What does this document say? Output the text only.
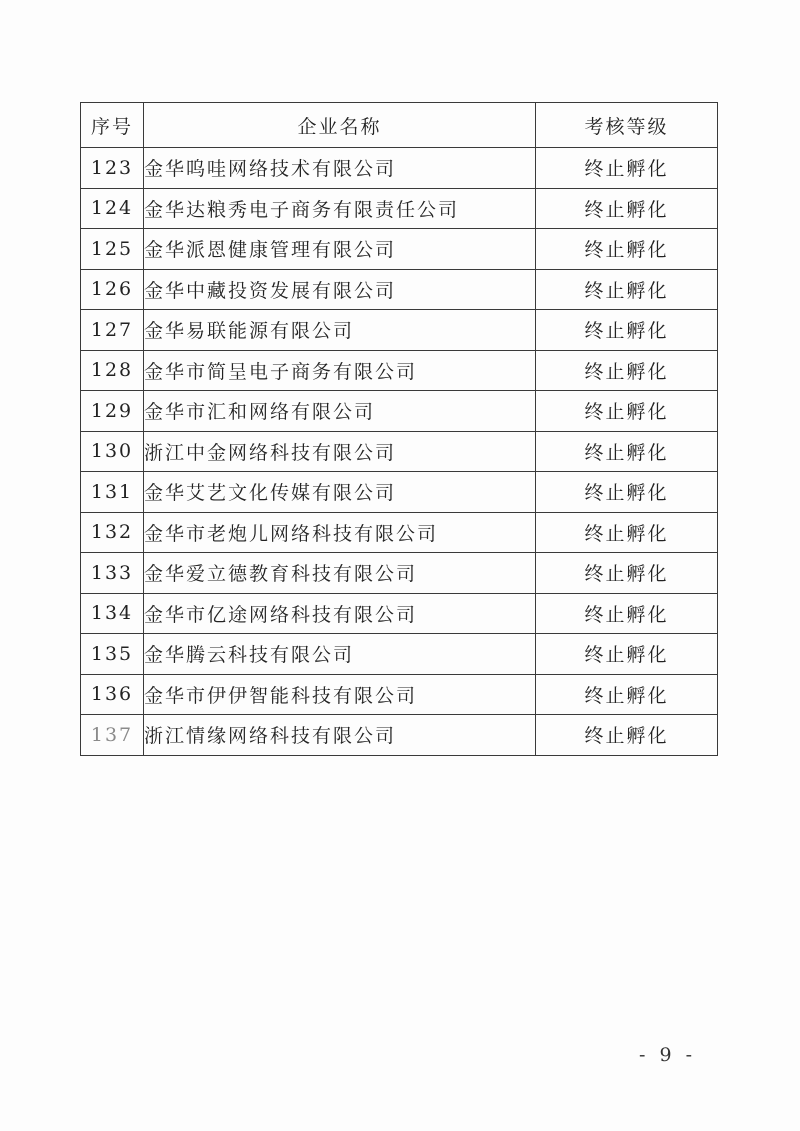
序号	企业名称	考核等级
123	金华呜哇网络技术有限公司	终止孵化
124	金华达粮秀电子商务有限责任公司	终止孵化
125	金华派恩健康管理有限公司	终止孵化
126	金华中藏投资发展有限公司	终止孵化
127	金华易联能源有限公司	终止孵化
128	金华市简呈电子商务有限公司	终止孵化
129	金华市汇和网络有限公司	终止孵化
130	浙江中金网络科技有限公司	终止孵化
131	金华艾艺文化传媒有限公司	终止孵化
132	金华市老炮儿网络科技有限公司	终止孵化
133	金华爱立德教育科技有限公司	终止孵化
134	金华市亿途网络科技有限公司	终止孵化
135	金华腾云科技有限公司	终止孵化
136	金华市伊伊智能科技有限公司	终止孵化
137	浙江情缘网络科技有限公司	终止孵化
- 9 -
